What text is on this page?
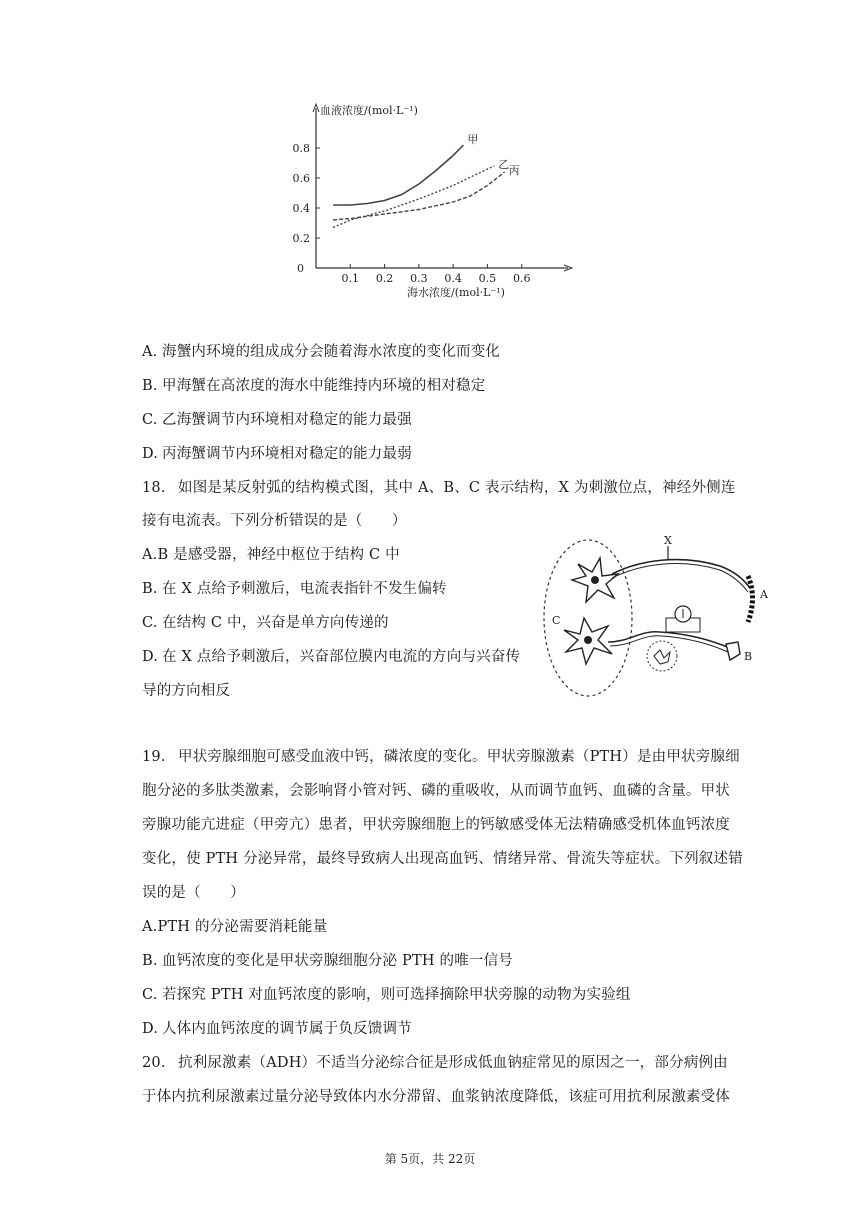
0.8
0.6
0.4
0.2
0.1 0.2 0.3 0.4 0.5 0.6
0
血液浓度/(mol·L⁻¹)
海水浓度/(mol·L⁻¹)
甲
乙 丙
A. 海蟹内环境的组成成分会随着海水浓度的变化而变化
B. 甲海蟹在高浓度的海水中能维持内环境的相对稳定
C. 乙海蟹调节内环境相对稳定的能力最强
D. 丙海蟹调节内环境相对稳定的能力最弱
18. 如图是某反射弧的结构模式图，其中 A、B、C 表示结构，X 为刺激位点，神经外侧连
接有电流表。下列分析错误的是（　　）
A.B 是感受器，神经中枢位于结构 C 中
B. 在 X 点给予刺激后，电流表指针不发生偏转
C. 在结构 C 中，兴奋是单方向传递的
D. 在 X 点给予刺激后，兴奋部位膜内电流的方向与兴奋传
导的方向相反
X
A
C
B
19. 甲状旁腺细胞可感受血液中钙，磷浓度的变化。甲状旁腺激素（PTH）是由甲状旁腺细
胞分泌的多肽类激素，会影响肾小管对钙、磷的重吸收，从而调节血钙、血磷的含量。甲状
旁腺功能亢进症（甲旁亢）患者，甲状旁腺细胞上的钙敏感受体无法精确感受机体血钙浓度
变化，使 PTH 分泌异常，最终导致病人出现高血钙、情绪异常、骨流失等症状。下列叙述错
误的是（　　）
A.PTH 的分泌需要消耗能量
B. 血钙浓度的变化是甲状旁腺细胞分泌 PTH 的唯一信号
C. 若探究 PTH 对血钙浓度的影响，则可选择摘除甲状旁腺的动物为实验组
D. 人体内血钙浓度的调节属于负反馈调节
20. 抗利尿激素（ADH）不适当分泌综合征是形成低血钠症常见的原因之一，部分病例由
于体内抗利尿激素过量分泌导致体内水分滞留、血浆钠浓度降低，该症可用抗利尿激素受体
第 5页，共 22页
